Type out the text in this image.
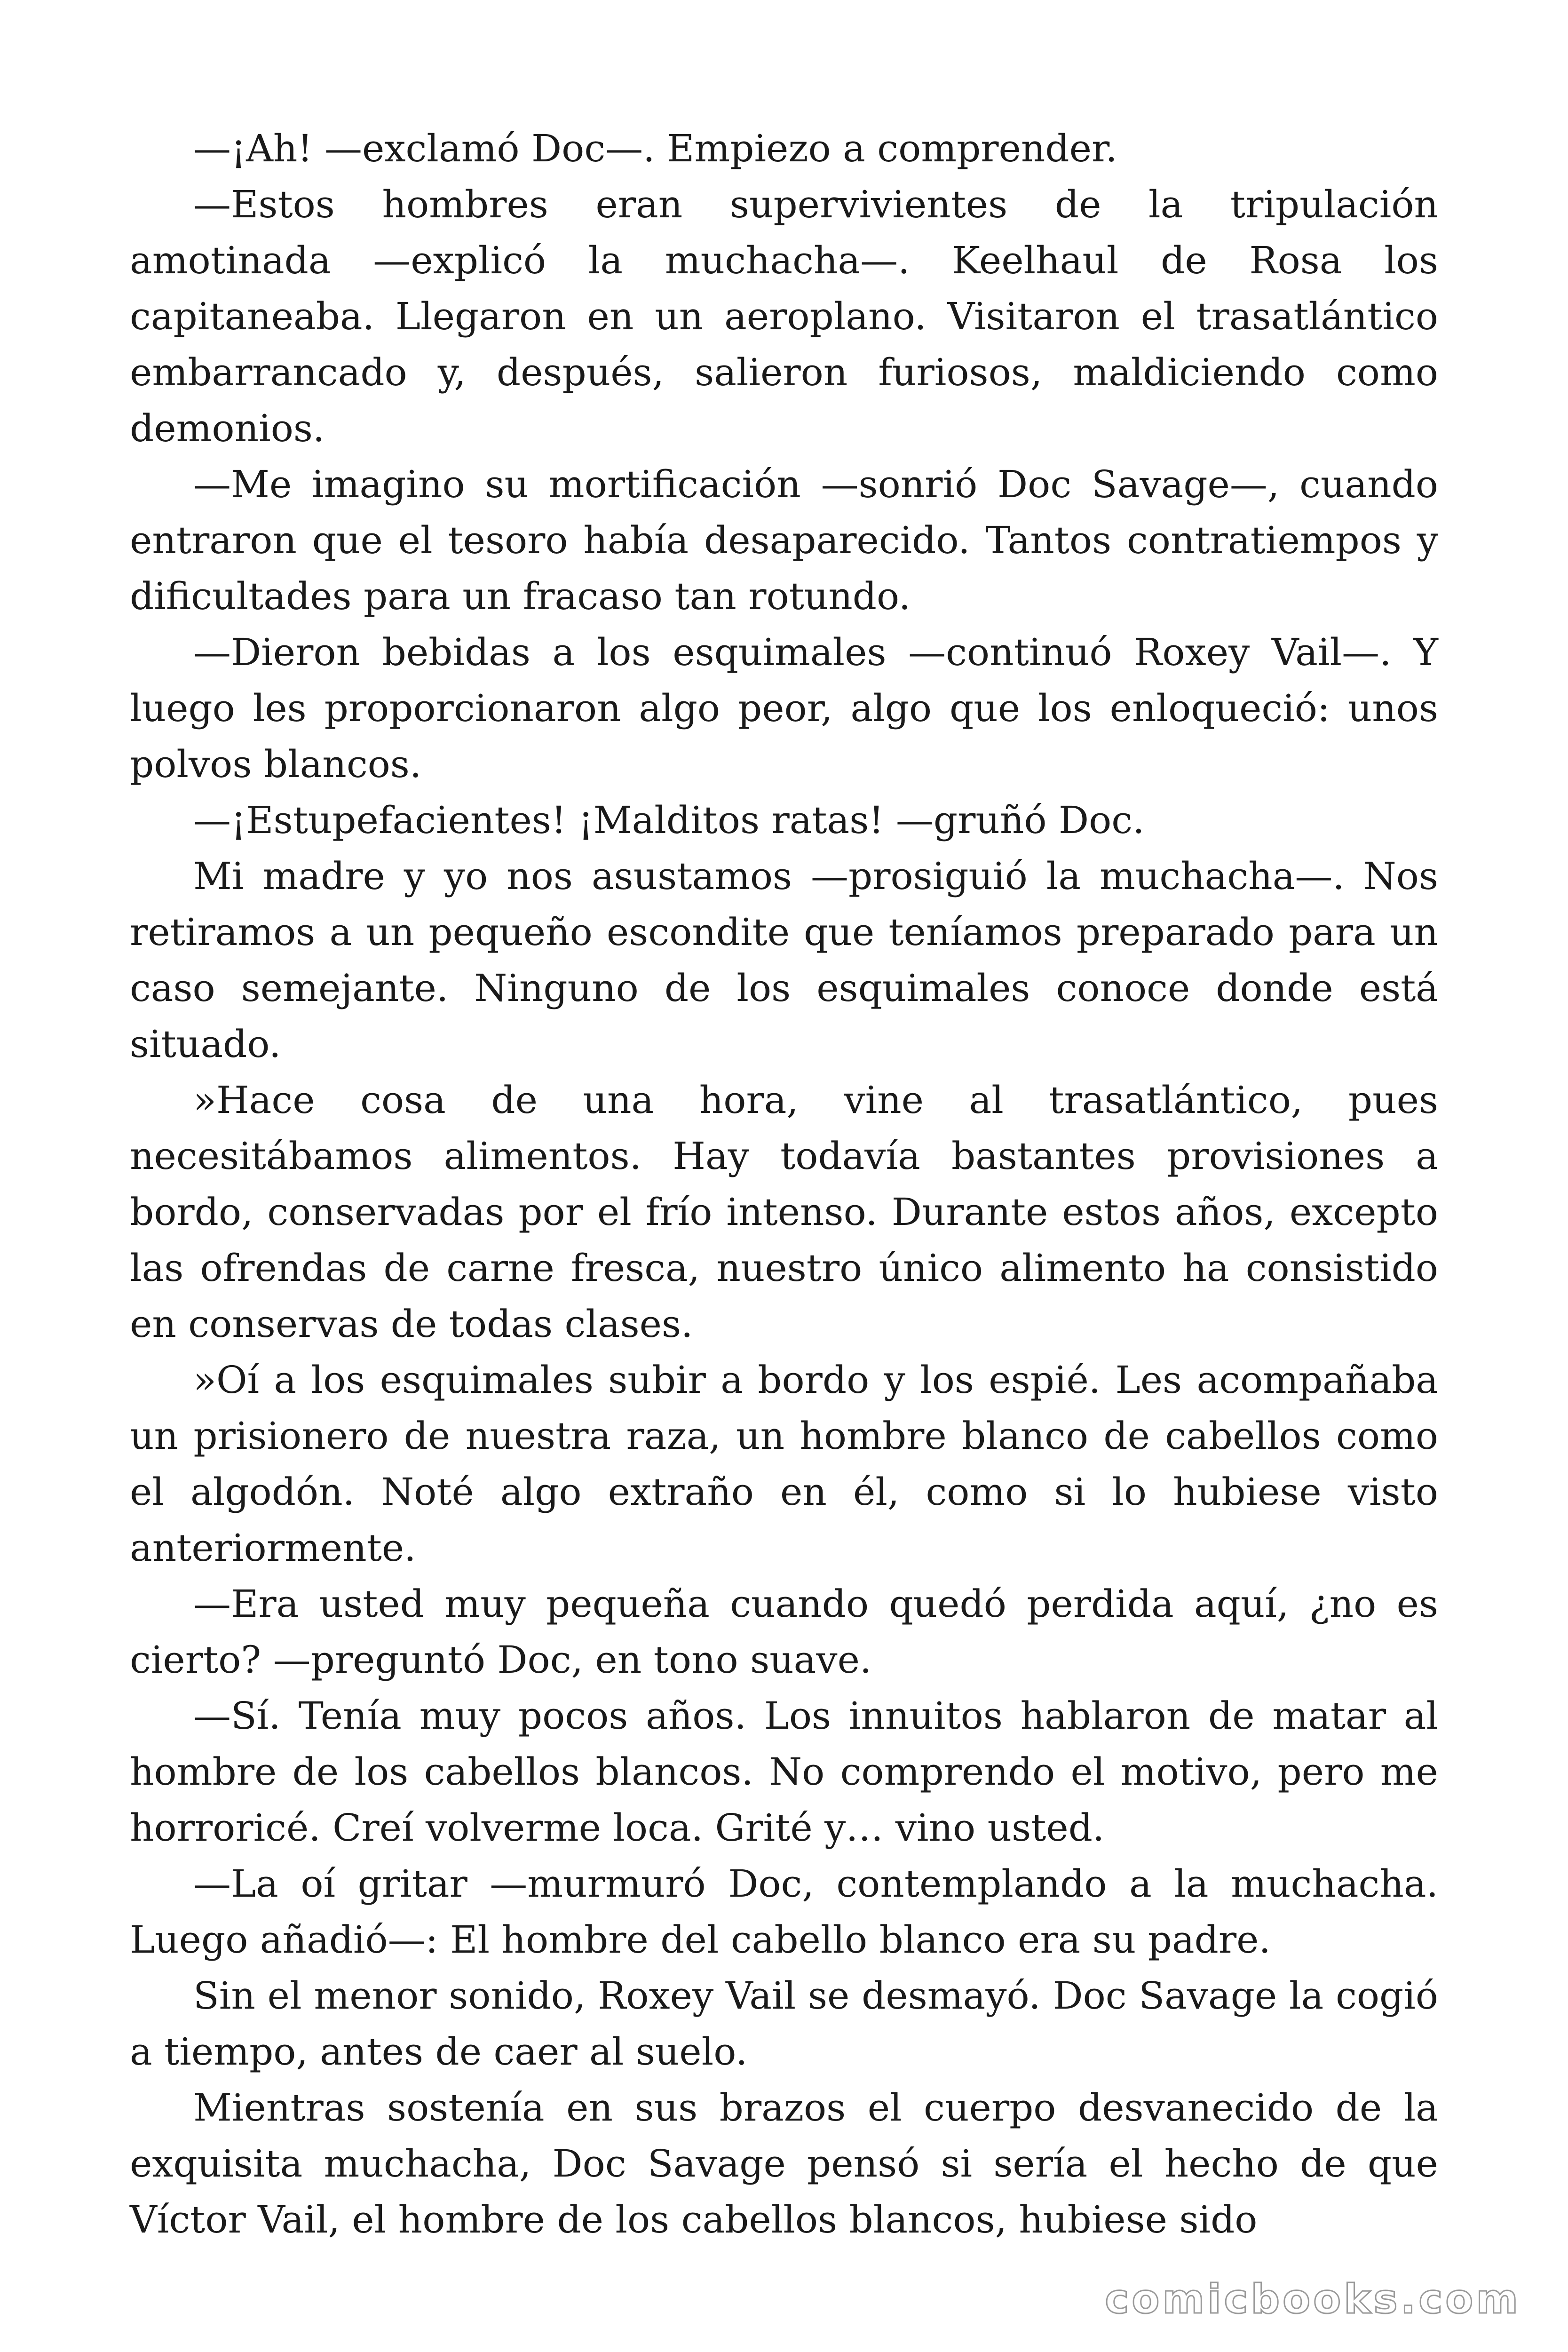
—¡Ah! —exclamó Doc—. Empiezo a comprender.

—Estos hombres eran supervivientes de la tripulación amotinada —explicó la muchacha—. Keelhaul de Rosa los capitaneaba. Llegaron en un aeroplano. Visitaron el trasatlántico embarrancado y, después, salieron furiosos, maldiciendo como demonios.

—Me imagino su mortificación —sonrió Doc Savage—, cuando entraron que el tesoro había desaparecido. Tantos contratiempos y dificultades para un fracaso tan rotundo.

—Dieron bebidas a los esquimales —continuó Roxey Vail—. Y luego les proporcionaron algo peor, algo que los enloqueció: unos polvos blancos.

—¡Estupefacientes! ¡Malditos ratas! —gruñó Doc.

Mi madre y yo nos asustamos —prosiguió la muchacha—. Nos retiramos a un pequeño escondite que teníamos preparado para un caso semejante. Ninguno de los esquimales conoce donde está situado.

»Hace cosa de una hora, vine al trasatlántico, pues necesitábamos alimentos. Hay todavía bastantes provisiones a bordo, conservadas por el frío intenso. Durante estos años, excepto las ofrendas de carne fresca, nuestro único alimento ha consistido en conservas de todas clases.

»Oí a los esquimales subir a bordo y los espié. Les acompañaba un prisionero de nuestra raza, un hombre blanco de cabellos como el algodón. Noté algo extraño en él, como si lo hubiese visto anteriormente.

—Era usted muy pequeña cuando quedó perdida aquí, ¿no es cierto? —preguntó Doc, en tono suave.

—Sí. Tenía muy pocos años. Los innuitos hablaron de matar al hombre de los cabellos blancos. No comprendo el motivo, pero me horroricé. Creí volverme loca. Grité y… vino usted.

—La oí gritar —murmuró Doc, contemplando a la muchacha. Luego añadió—: El hombre del cabello blanco era su padre.

Sin el menor sonido, Roxey Vail se desmayó. Doc Savage la cogió a tiempo, antes de caer al suelo.

Mientras sostenía en sus brazos el cuerpo desvanecido de la exquisita muchacha, Doc Savage pensó si sería el hecho de que Víctor Vail, el hombre de los cabellos blancos, hubiese sido

comicbooks.com
